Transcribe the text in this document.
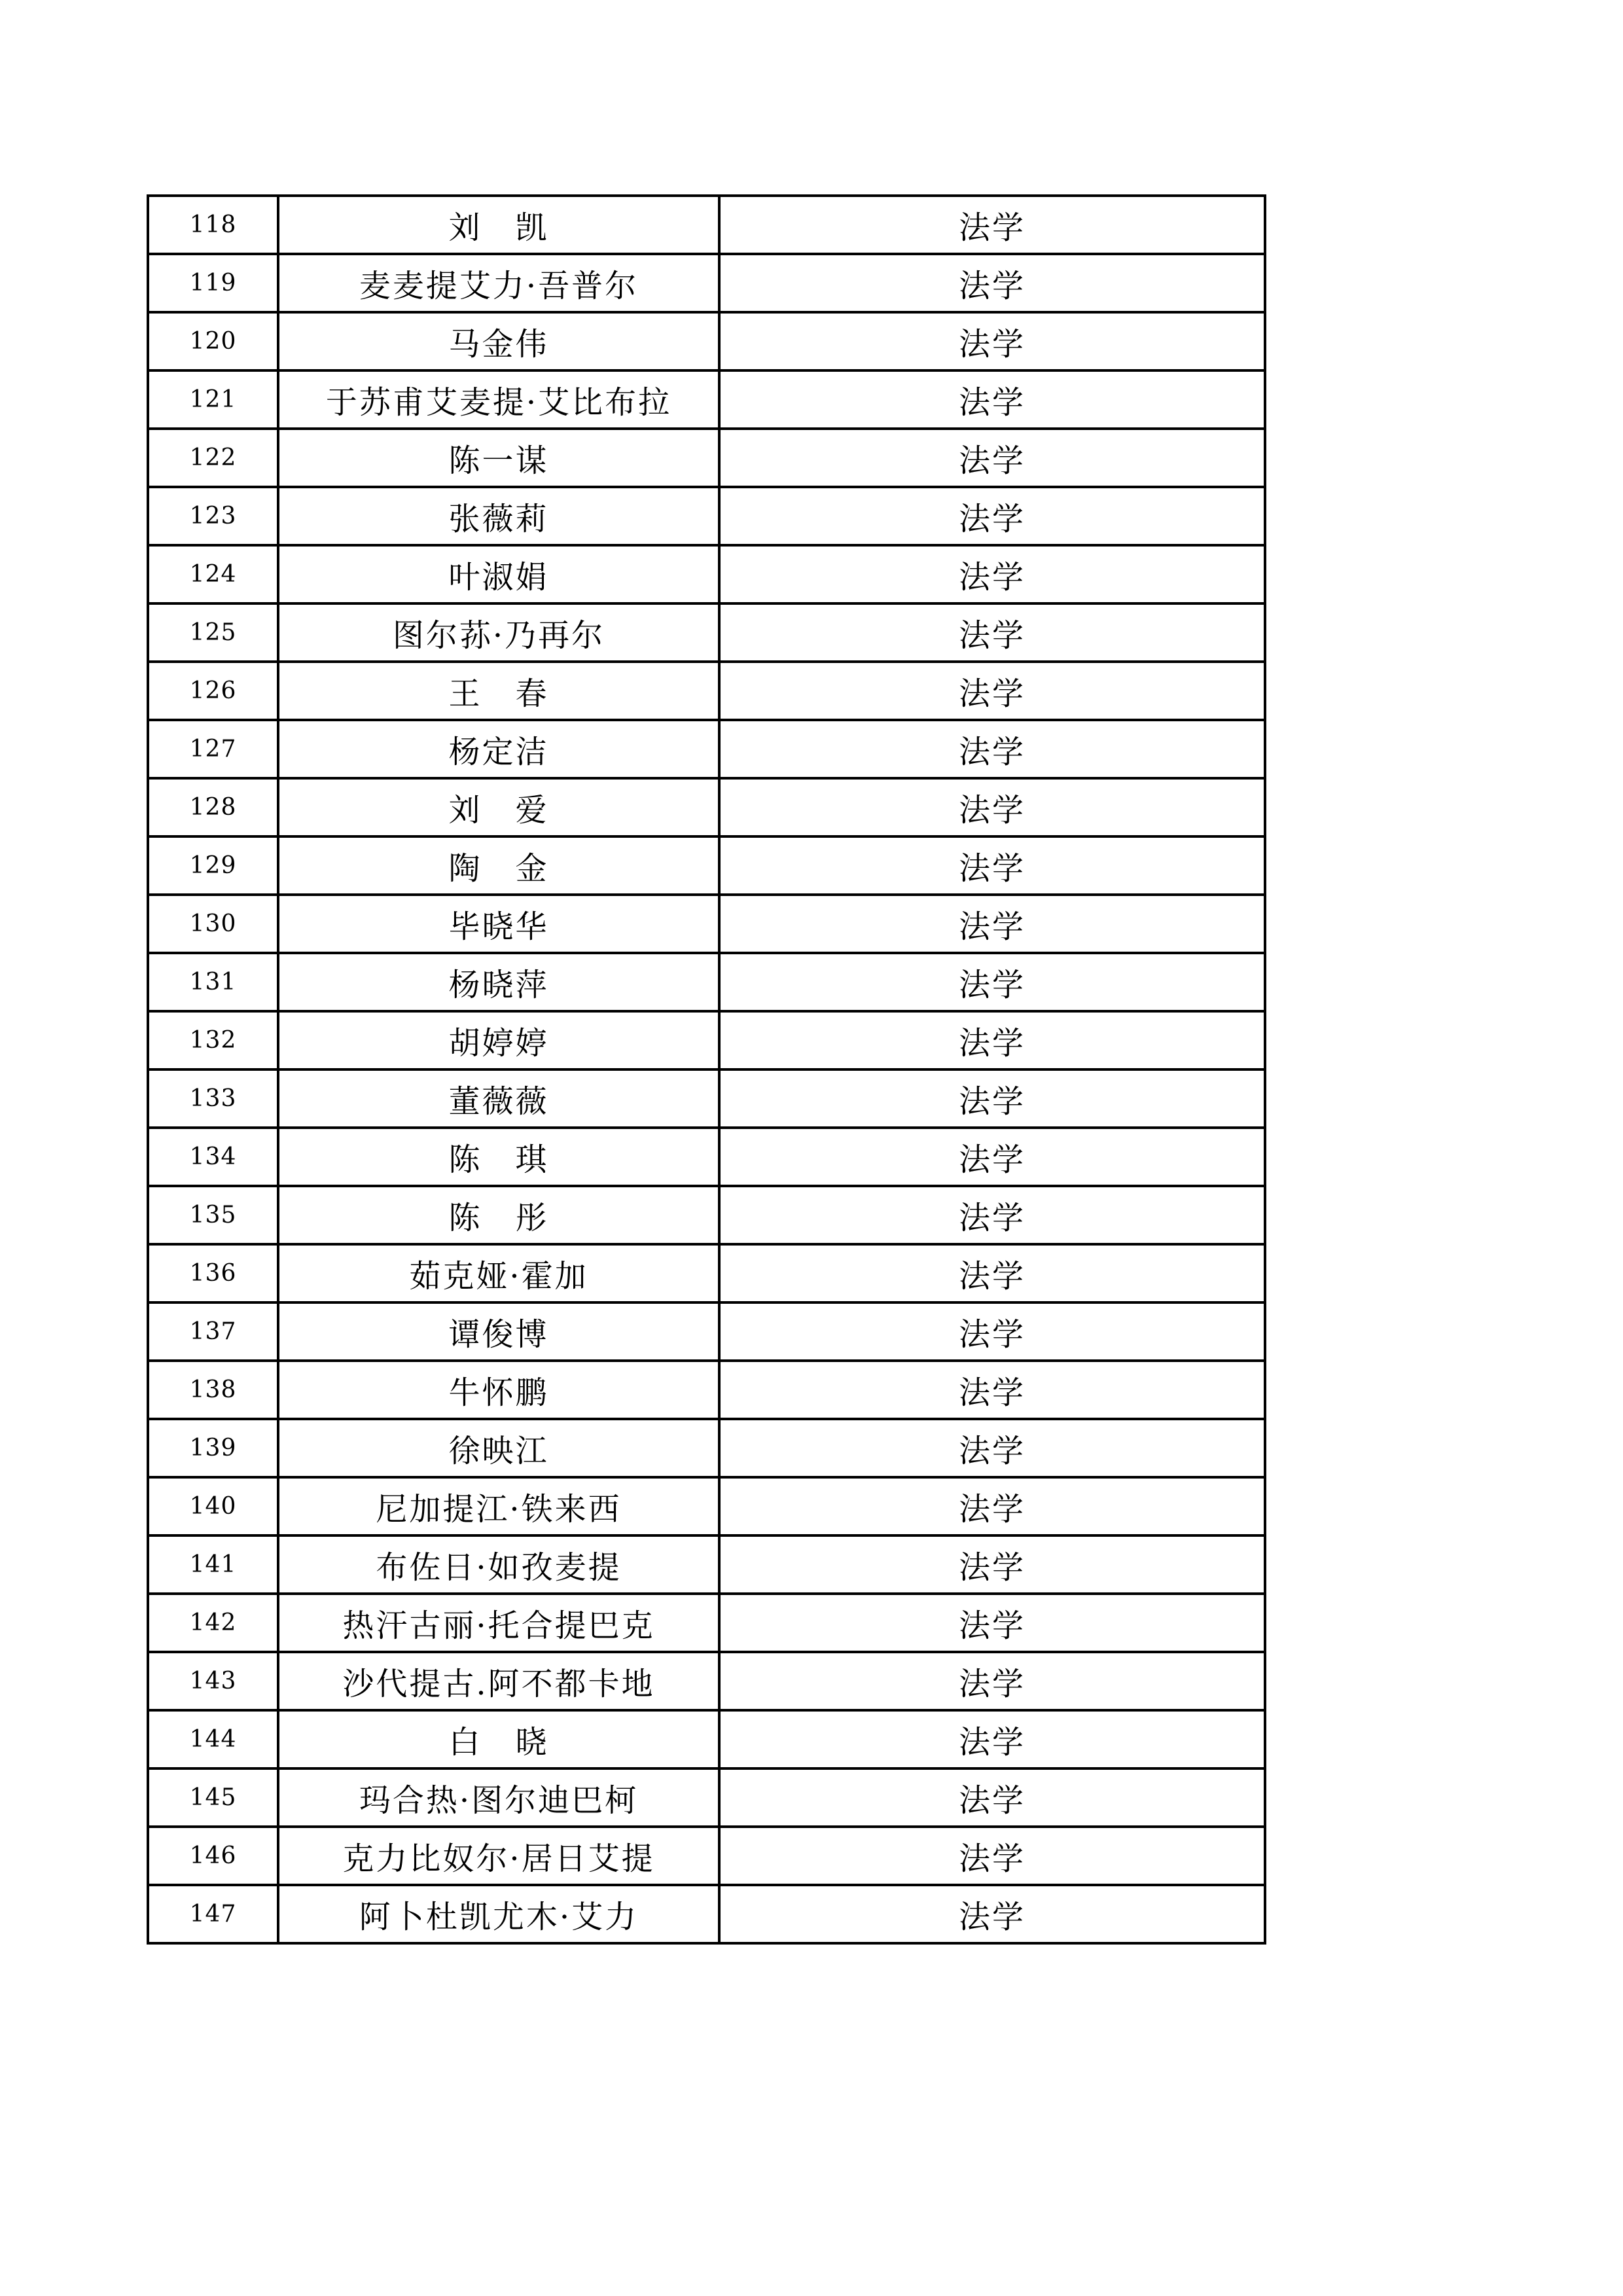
118	刘　凯	法学
119	麦麦提艾力·吾普尔	法学
120	马金伟	法学
121	于苏甫艾麦提·艾比布拉	法学
122	陈一谋	法学
123	张薇莉	法学
124	叶淑娟	法学
125	图尔荪·乃再尔	法学
126	王　春	法学
127	杨定洁	法学
128	刘　爱	法学
129	陶　金	法学
130	毕晓华	法学
131	杨晓萍	法学
132	胡婷婷	法学
133	董薇薇	法学
134	陈　琪	法学
135	陈　彤	法学
136	茹克娅·霍加	法学
137	谭俊博	法学
138	牛怀鹏	法学
139	徐映江	法学
140	尼加提江·铁来西	法学
141	布佐日·如孜麦提	法学
142	热汗古丽·托合提巴克	法学
143	沙代提古.阿不都卡地	法学
144	白　晓	法学
145	玛合热·图尔迪巴柯	法学
146	克力比奴尔·居日艾提	法学
147	阿卜杜凯尤木·艾力	法学
